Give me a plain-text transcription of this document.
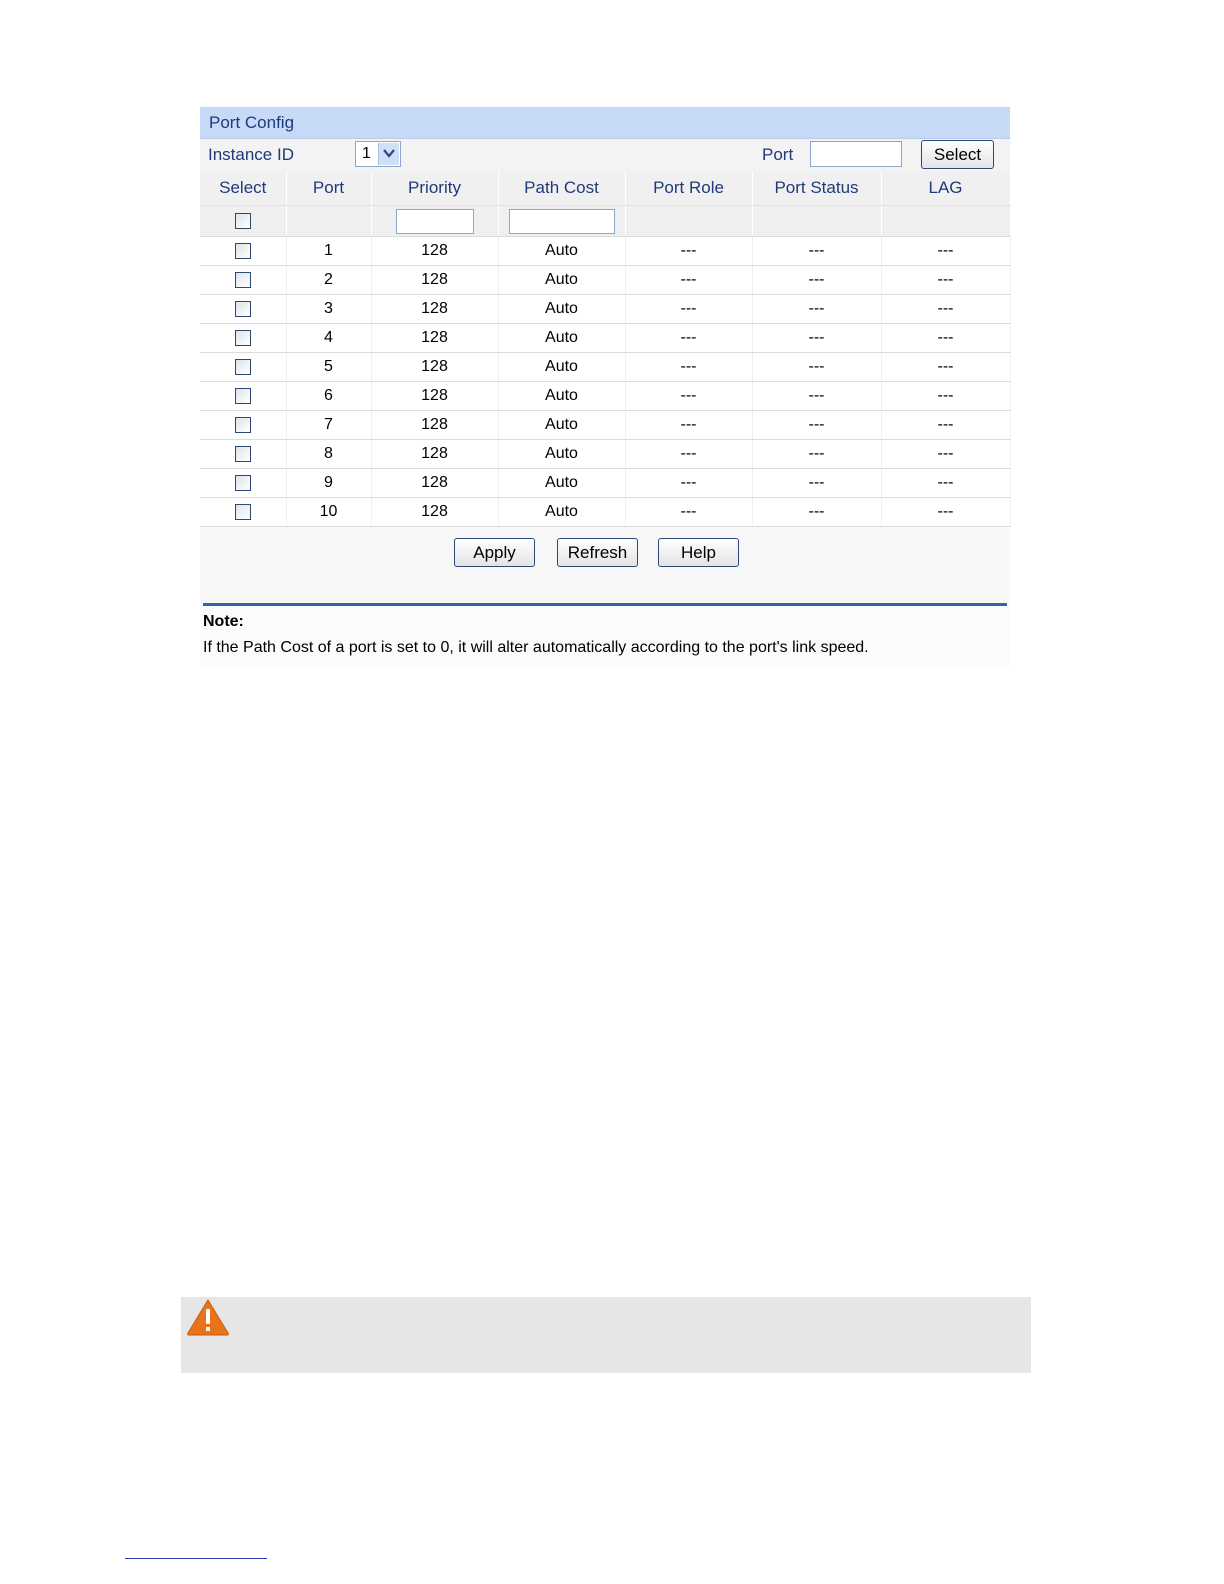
Port Config
Instance ID	1	Port	Select
Select	Port	Priority	Path Cost	Port Role	Port Status	LAG

	1	128	Auto	---	---	---
	2	128	Auto	---	---	---
	3	128	Auto	---	---	---
	4	128	Auto	---	---	---
	5	128	Auto	---	---	---
	6	128	Auto	---	---	---
	7	128	Auto	---	---	---
	8	128	Auto	---	---	---
	9	128	Auto	---	---	---
	10	128	Auto	---	---	---
Apply	Refresh	Help
Note:
If the Path Cost of a port is set to 0, it will alter automatically according to the port's link speed.
